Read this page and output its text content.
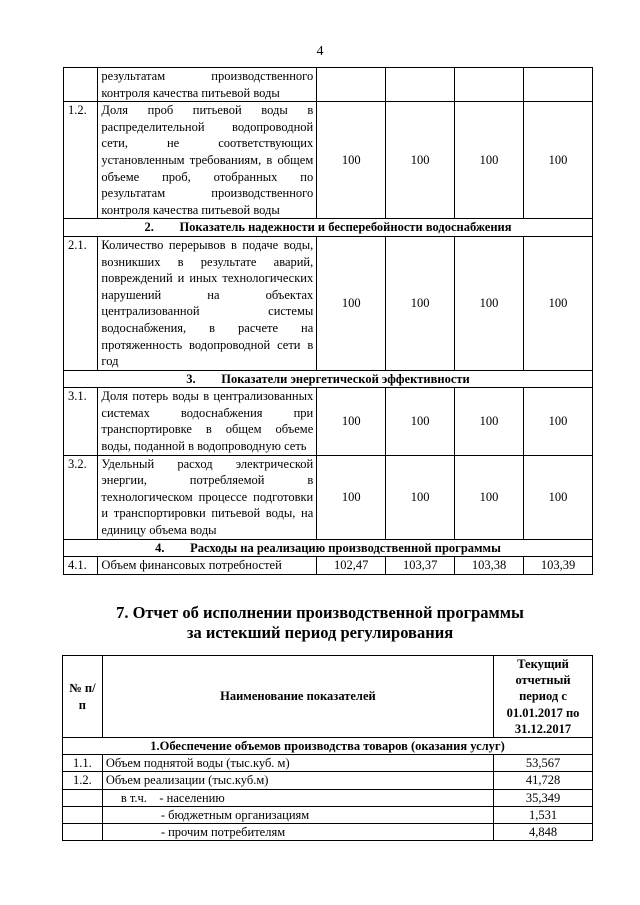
4
	результатам производственного контроля качества питьевой воды				
1.2.	Доля проб питьевой воды в распределительной водопроводной сети, не соответствующих установленным требованиям, в общем объеме проб, отобранных по результатам производственного контроля качества питьевой воды	100	100	100	100
2. Показатель надежности и бесперебойности водоснабжения					
2.1.	Количество перерывов в подаче воды, возникших в результате аварий, повреждений и иных технологических нарушений на объектах централизованной системы водоснабжения, в расчете на протяженность водопроводной сети в год	100	100	100	100
3. Показатели энергетической эффективности					
3.1.	Доля потерь воды в централизованных системах водоснабжения при транспортировке в общем объеме воды, поданной в водопроводную сеть	100	100	100	100
3.2.	Удельный расход электрической энергии, потребляемой в технологическом процессе подготовки и транспортировки питьевой воды, на единицу объема воды	100	100	100	100
4. Расходы на реализацию производственной программы					
4.1.	Объем финансовых потребностей	102,47	103,37	103,38	103,39
7. Отчет об исполнении производственной программы
за истекший период регулирования
№ п/п	Наименование показателей	Текущий отчетный период с 01.01.2017 по 31.12.2017
1.Обеспечение объемов производства товаров (оказания услуг)		
1.1.	Объем поднятой воды (тыс.куб. м)	53,567
1.2.	Объем реализации (тыс.куб.м)	41,728
	в т.ч.    - населению	35,349
	- бюджетным организациям	1,531
	- прочим потребителям	4,848
